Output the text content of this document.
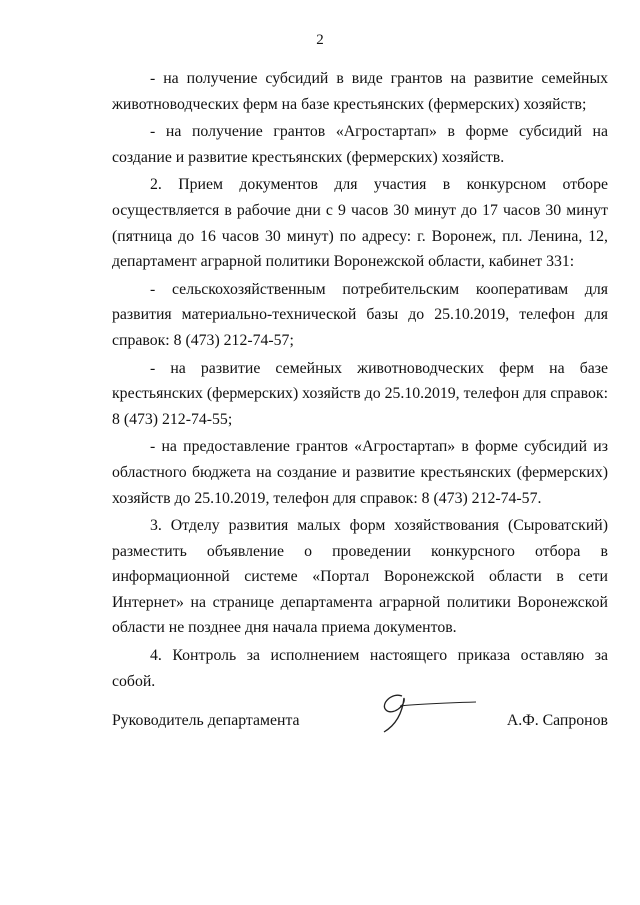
2

- на получение субсидий в виде грантов на развитие семейных животноводческих ферм на базе крестьянских (фермерских) хозяйств;

- на получение грантов «Агростартап» в форме субсидий на создание и развитие крестьянских (фермерских) хозяйств.

2. Прием документов для участия в конкурсном отборе осуществляется в рабочие дни с 9 часов 30 минут до 17 часов 30 минут (пятница до 16 часов 30 минут) по адресу: г. Воронеж, пл. Ленина, 12, департамент аграрной политики Воронежской области, кабинет 331:

- сельскохозяйственным потребительским кооперативам для развития материально-технической базы до 25.10.2019, телефон для справок: 8 (473) 212-74-57;

- на развитие семейных животноводческих ферм на базе крестьянских (фермерских) хозяйств до 25.10.2019, телефон для справок: 8 (473) 212-74-55;

- на предоставление грантов «Агростартап» в форме субсидий из областного бюджета на создание и развитие крестьянских (фермерских) хозяйств до 25.10.2019, телефон для справок: 8 (473) 212-74-57.

3. Отделу развития малых форм хозяйствования (Сыроватский) разместить объявление о проведении конкурсного отбора в информационной системе «Портал Воронежской области в сети Интернет» на странице департамента аграрной политики Воронежской области не позднее дня начала приема документов.

4. Контроль за исполнением настоящего приказа оставляю за собой.

Руководитель департамента	А.Ф. Сапронов
